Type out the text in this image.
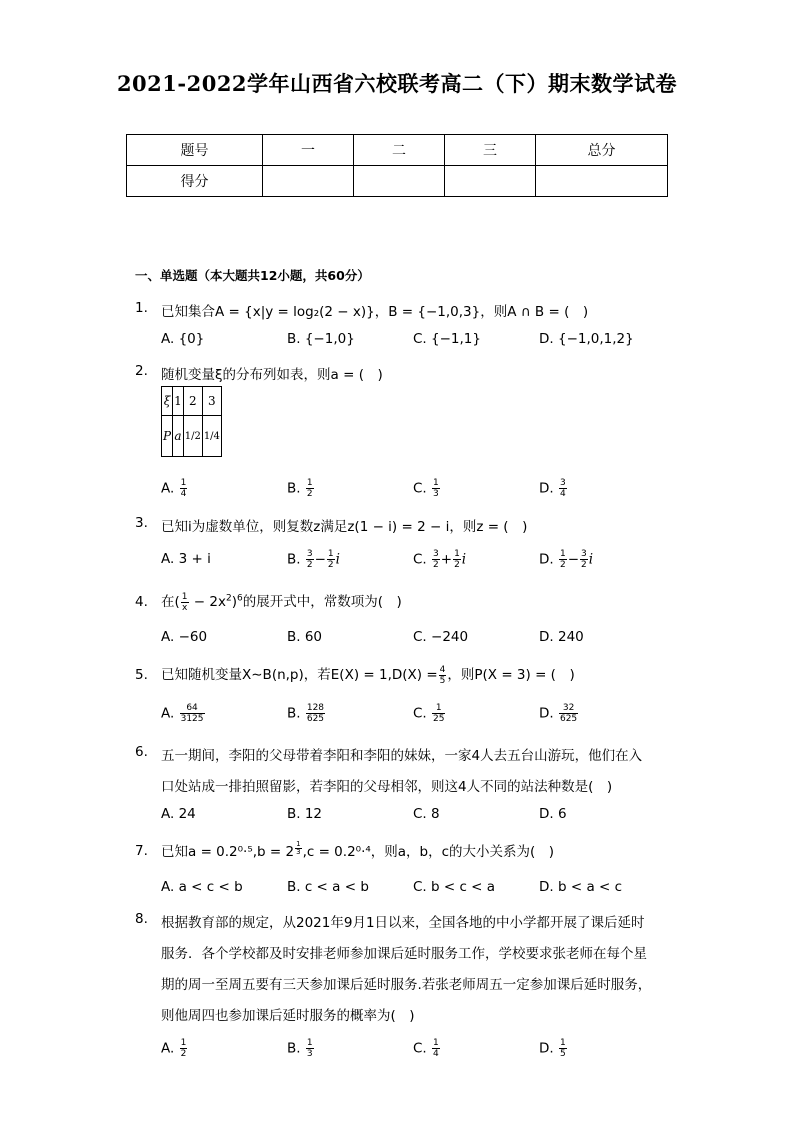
2021-2022学年山西省六校联考高二（下）期末数学试卷
题号	一	二	三	总分
得分				
一、单选题（本大题共12小题，共60分）
1. 已知集合A = {x|y = log₂(2 − x)}，B = {−1,0,3}，则A ∩ B = (　)
A. {0}	B. {−1,0}	C. {−1,1}	D. {−1,0,1,2}
2. 随机变量ξ的分布列如表，则a = (　)
ξ	1	2	3
P	a	1/2	1/4
A. $\frac{1}{4}$	B. $\frac{1}{2}$	C. $\frac{1}{3}$	D. $\frac{3}{4}$
3. 已知i为虚数单位，则复数z满足z(1 − i) = 2 − i，则z = (　)
A. 3 + i	B. $\frac{3}{2} - \frac{1}{2}$ i	C. $\frac{3}{2} + \frac{1}{2}$ i	D. $\frac{1}{2} - \frac{3}{2}$ i
4. 在( $\frac{1}{x} - 2x^2)^6$的展开式中，常数项为(　)
A. −60	B. 60	C. −240	D. 240
5. 已知随机变量X∼B(n,p)，若$E(X) = 1,D(X) = \frac{4}{5}$ ，则P(X = 3) = (　)
A. $\frac{64}{3125}$	B. $\frac{128}{625}$	C. $\frac{1}{25}$	D. $\frac{32}{625}$
6. 五一期间，李阳的父母带着李阳和李阳的妹妹，一家4人去五台山游玩，他们在入
口处站成一排拍照留影，若李阳的父母相邻，则这4人不同的站法种数是(　)
A. 24	B. 12	C. 8	D. 6
7. 已知a = 0.2⁰·⁵,b = 2 $^{\frac{1}{3}}$ ,c = 0.2⁰·⁴，则a，b，c的大小关系为(　)
A. a < c < b	B. c < a < b	C. b < c < a	D. b < a < c
8. 根据教育部的规定，从2021年9月1日以来，全国各地的中小学都开展了课后延时
服务．各个学校都及时安排老师参加课后延时服务工作，学校要求张老师在每个星
期的周一至周五要有三天参加课后延时服务.若张老师周五一定参加课后延时服务，
则他周四也参加课后延时服务的概率为(　)
A. $\frac{1}{2}$	B. $\frac{1}{3}$	C. $\frac{1}{4}$	D. $\frac{1}{5}$
